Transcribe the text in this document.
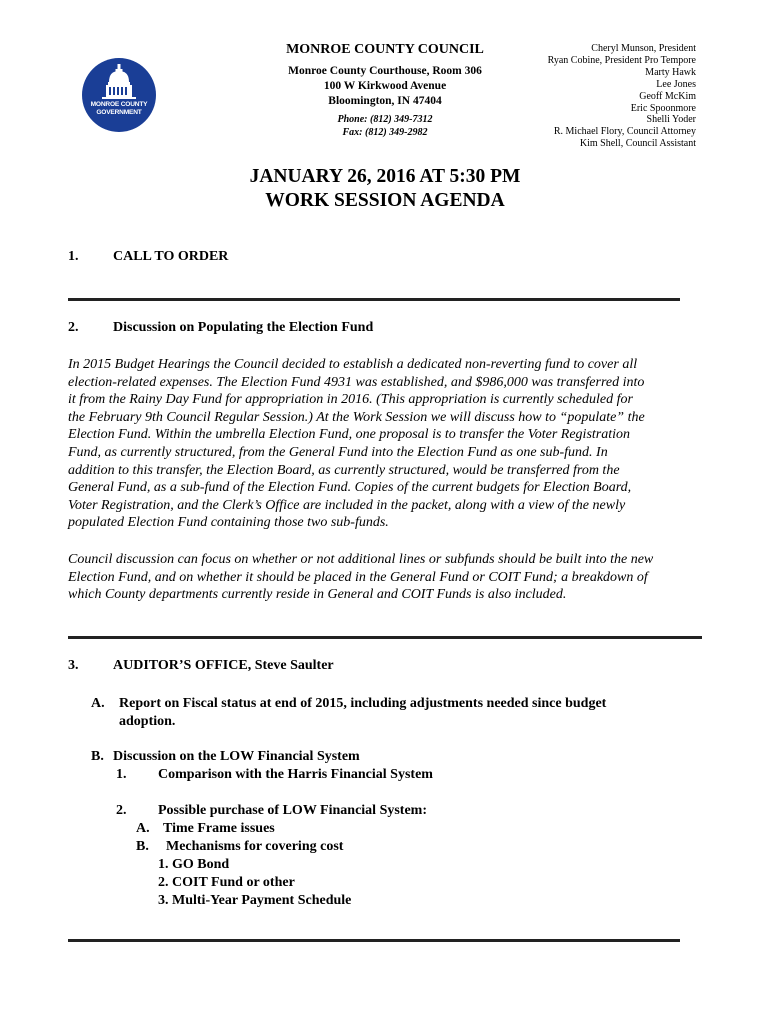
MONROE COUNTY
GOVERNMENT
MONROE COUNTY COUNCIL
Monroe County Courthouse, Room 306
100 W Kirkwood Avenue
Bloomington, IN 47404
Phone: (812) 349-7312
Fax: (812) 349-2982
Cheryl Munson, President
Ryan Cobine, President Pro Tempore
Marty Hawk
Lee Jones
Geoff McKim
Eric Spoonmore
Shelli Yoder
R. Michael Flory, Council Attorney
Kim Shell, Council Assistant
JANUARY 26, 2016 AT 5:30 PM
WORK SESSION AGENDA
1. CALL TO ORDER
2. Discussion on Populating the Election Fund
In 2015 Budget Hearings the Council decided to establish a dedicated non-reverting fund to cover all
election-related expenses. The Election Fund 4931 was established, and $986,000 was transferred into
it from the Rainy Day Fund for appropriation in 2016. (This appropriation is currently scheduled for
the February 9th Council Regular Session.) At the Work Session we will discuss how to “populate” the
Election Fund. Within the umbrella Election Fund, one proposal is to transfer the Voter Registration
Fund, as currently structured, from the General Fund into the Election Fund as one sub-fund. In
addition to this transfer, the Election Board, as currently structured, would be transferred from the
General Fund, as a sub-fund of the Election Fund. Copies of the current budgets for Election Board,
Voter Registration, and the Clerk’s Office are included in the packet, along with a view of the newly
populated Election Fund containing those two sub-funds.
Council discussion can focus on whether or not additional lines or subfunds should be built into the new
Election Fund, and on whether it should be placed in the General Fund or COIT Fund; a breakdown of
which County departments currently reside in General and COIT Funds is also included.
3. AUDITOR’S OFFICE, Steve Saulter
A. Report on Fiscal status at end of 2015, including adjustments needed since budget
adoption.
B. Discussion on the LOW Financial System
1. Comparison with the Harris Financial System
2. Possible purchase of LOW Financial System:
A. Time Frame issues
B. Mechanisms for covering cost
1. GO Bond
2. COIT Fund or other
3. Multi-Year Payment Schedule
